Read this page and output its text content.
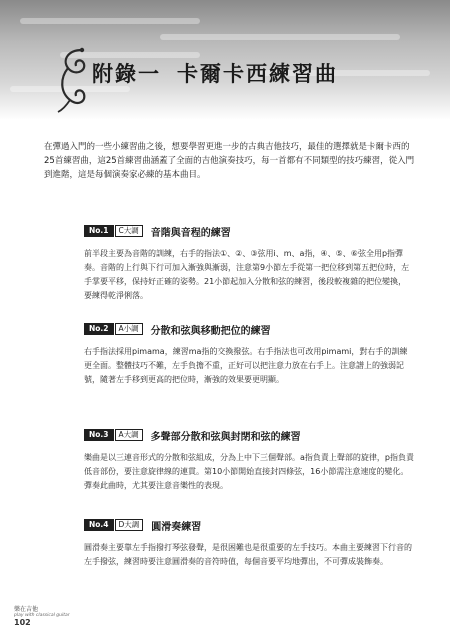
附錄一 卡爾卡西練習曲
在彈過入門的一些小練習曲之後，想要學習更進一步的古典吉他技巧，最佳的選擇就是卡爾卡西的25首練習曲，這25首練習曲涵蓋了全面的吉他演奏技巧，每一首都有不同類型的技巧練習，從入門到進階，這是每個演奏家必練的基本曲目。
No.1	C大調	音階與音程的練習
前半段主要為音階的訓練，右手的指法①、②、③弦用i、m、a指，④、⑤、⑥弦全用p指彈奏。音階的上行與下行可加入漸強與漸弱，注意第9小節左手從第一把位移到第五把位時，左手掌要平移，保持好正確的姿勢。21小節起加入分散和弦的練習，後段較複雜的把位變換，要練得乾淨俐落。
No.2	A小調	分散和弦與移動把位的練習
右手指法採用pimama，練習ma指的交換撥弦。右手指法也可改用pimami，對右手的訓練更全面。整體技巧不難，左手負擔不重，正好可以把注意力放在右手上。注意譜上的強弱記號，隨著左手移到更高的把位時，漸強的效果要更明顯。
No.3	A大調	多聲部分散和弦與封閉和弦的練習
樂曲是以三連音形式的分散和弦組成，分為上中下三個聲部。a指負責上聲部的旋律，p指負責低音部份，要注意旋律線的連貫。第10小節開始直接封四條弦，16小節需注意速度的變化。彈奏此曲時，尤其要注意音樂性的表現。
No.4	D大調	圓滑奏練習
圓滑奏主要靠左手指撥打琴弦發聲，是很困難也是很重要的左手技巧。本曲主要練習下行音的左手撥弦，練習時要注意圓滑奏的音符時值，每個音要平均地彈出，不可彈成裝飾奏。
樂在吉他
play with classical guitar
102
